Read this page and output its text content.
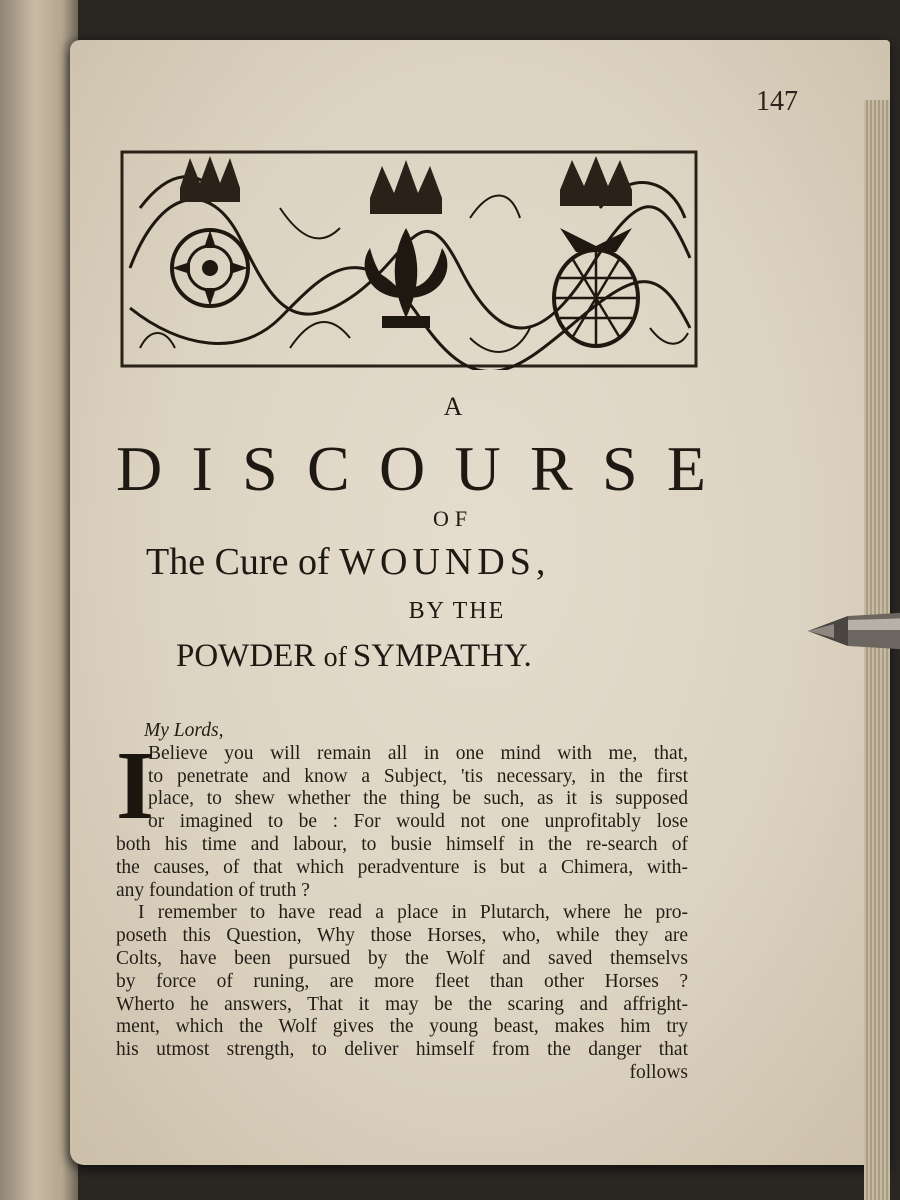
147
A
D I S C O U R S E
OF
The Cure of WOUNDS,
BY THE
POWDER of SYMPATHY.
I
My Lords,
Believe you will remain all in one mind with me, that,
to penetrate and know a Subject, 'tis necessary, in the first
place, to shew whether the thing be such, as it is supposed
or imagined to be : For would not one unprofitably lose
both his time and labour, to busie himself in the re-search of
the causes, of that which peradventure is but a Chimera, with-
any foundation of truth ?
I remember to have read a place in Plutarch, where he pro-
poseth this Question, Why those Horses, who, while they are
Colts, have been pursued by the Wolf and saved themselvs
by force of runing, are more fleet than other Horses ?
Wherto he answers, That it may be the scaring and affright-
ment, which the Wolf gives the young beast, makes him try
his utmost strength, to deliver himself from the danger that
follows
